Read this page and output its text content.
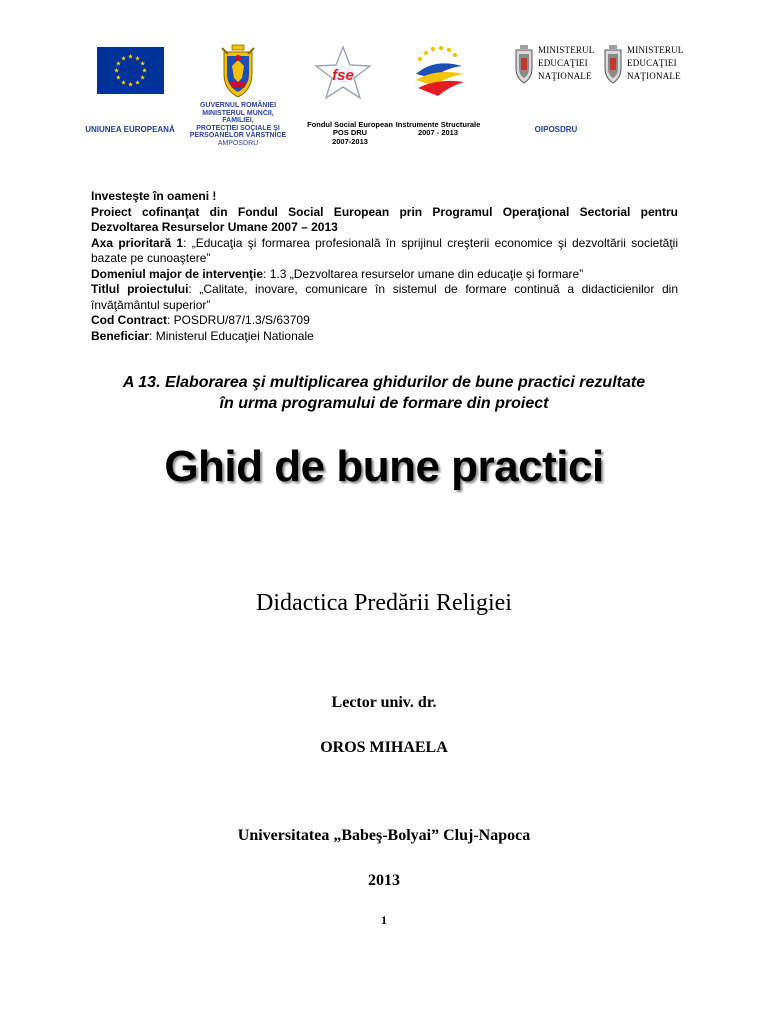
UNIUNEA EUROPEANĂ
GUVERNUL ROMÂNIEI
MINISTERUL MUNCII,
FAMILIEI,
PROTECŢIEI SOCIALE ŞI
PERSOANELOR VÂRSTNICE
AMPOSDRU
fse
Fondul Social European
POS DRU
2007-2013
Instrumente Structurale
2007 - 2013	OIPOSDRU
MINISTERUL
EDUCAŢIEI
NAŢIONALE
MINISTERUL
EDUCAŢIEI
NAŢIONALE

Investeşte în oameni !

Proiect cofinanţat din Fondul Social European prin Programul Operaţional Sectorial pentru

Dezvoltarea Resurselor Umane 2007 – 2013

Axa prioritară 1: „Educaţia şi formarea profesională în sprijinul creşterii economice şi dezvoltării societăţii

bazate pe cunoaştere”

Domeniul major de intervenţie: 1.3 „Dezvoltarea resurselor umane din educaţie şi formare”

Titlul proiectului: „Calitate, inovare, comunicare în sistemul de formare continuă a didacticienilor din

învăţământul superior”

Cod Contract: POSDRU/87/1.3/S/63709

Beneficiar: Ministerul Educaţiei Nationale

A 13. Elaborarea şi multiplicarea ghidurilor de bune practici rezultate
în urma programului de formare din proiect
Ghid de bune practici
Didactica Predării Religiei
Lector univ. dr.
OROS MIHAELA
Universitatea „Babeş-Bolyai” Cluj-Napoca
2013
1
